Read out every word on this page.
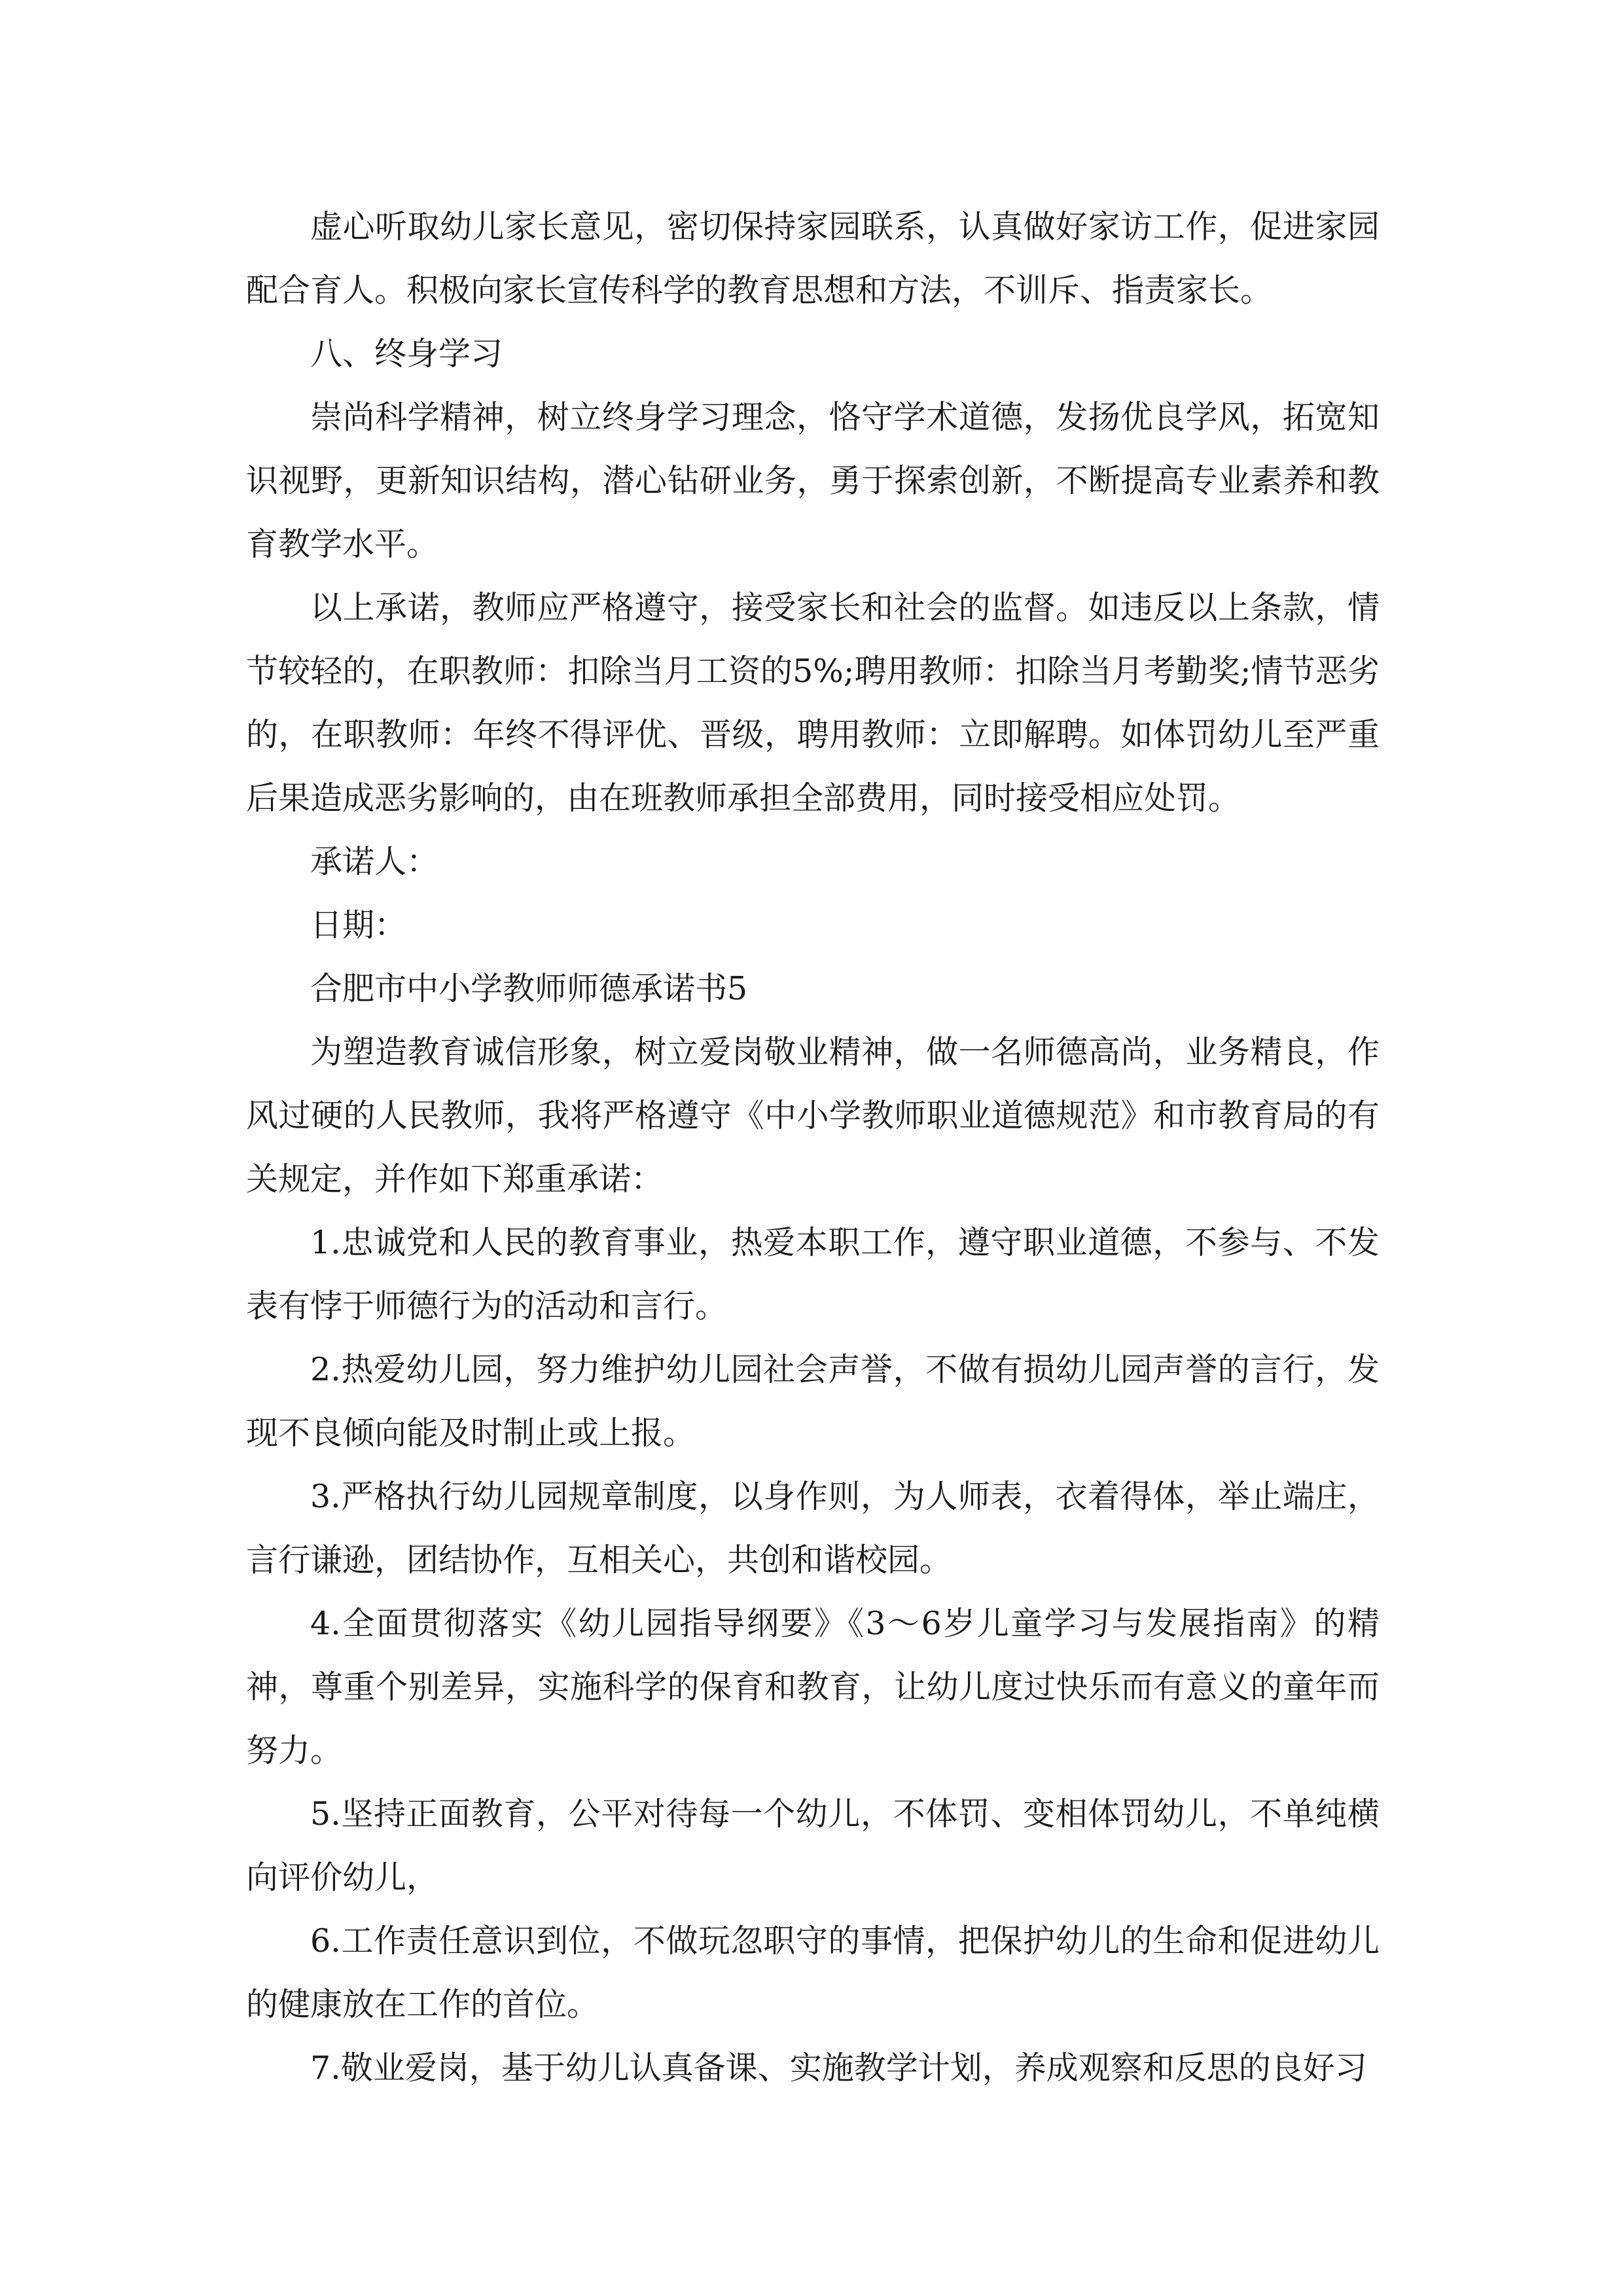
虚心听取幼儿家长意见，密切保持家园联系，认真做好家访工作，促进家园配合育人。积极向家长宣传科学的教育思想和方法，不训斥、指责家长。

八、终身学习

崇尚科学精神，树立终身学习理念，恪守学术道德，发扬优良学风，拓宽知识视野，更新知识结构，潜心钻研业务，勇于探索创新，不断提高专业素养和教育教学水平。

以上承诺，教师应严格遵守，接受家长和社会的监督。如违反以上条款，情节较轻的，在职教师：扣除当月工资的5%;聘用教师：扣除当月考勤奖;情节恶劣的，在职教师：年终不得评优、晋级，聘用教师：立即解聘。如体罚幼儿至严重后果造成恶劣影响的，由在班教师承担全部费用，同时接受相应处罚。

承诺人：

日期：

合肥市中小学教师师德承诺书5

为塑造教育诚信形象，树立爱岗敬业精神，做一名师德高尚，业务精良，作风过硬的人民教师，我将严格遵守《中小学教师职业道德规范》和市教育局的有关规定，并作如下郑重承诺：

1.忠诚党和人民的教育事业，热爱本职工作，遵守职业道德，不参与、不发表有悖于师德行为的活动和言行。

2.热爱幼儿园，努力维护幼儿园社会声誉，不做有损幼儿园声誉的言行，发现不良倾向能及时制止或上报。

3.严格执行幼儿园规章制度，以身作则，为人师表，衣着得体，举止端庄，言行谦逊，团结协作，互相关心，共创和谐校园。

4.全面贯彻落实《幼儿园指导纲要》《3～6岁儿童学习与发展指南》的精神，尊重个别差异，实施科学的保育和教育，让幼儿度过快乐而有意义的童年而努力。

5.坚持正面教育，公平对待每一个幼儿，不体罚、变相体罚幼儿，不单纯横向评价幼儿，

6.工作责任意识到位，不做玩忽职守的事情，把保护幼儿的生命和促进幼儿的健康放在工作的首位。

7.敬业爱岗，基于幼儿认真备课、实施教学计划，养成观察和反思的良好习
